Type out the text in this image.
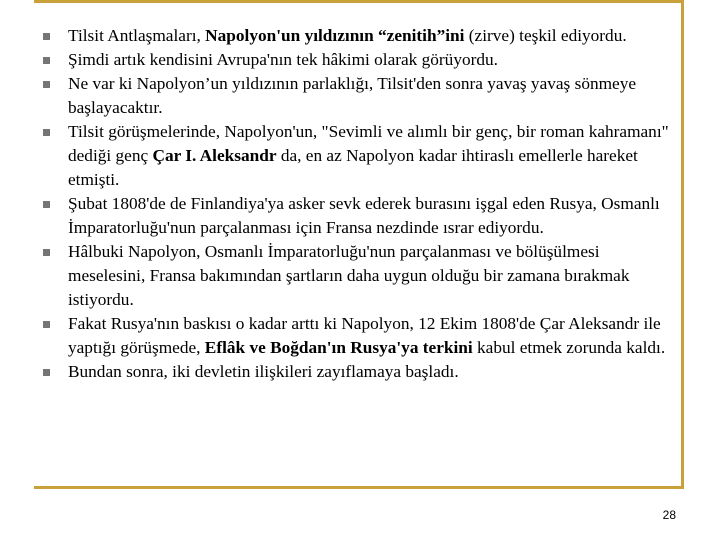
Tilsit Antlaşmaları, Napolyon'un yıldızının “zenitih”ini (zirve) teşkil ediyordu.
Şimdi artık kendisini Avrupa'nın tek hâkimi olarak görüyordu.
Ne var ki Napolyon’un yıldızının parlaklığı, Tilsit'den sonra yavaş yavaş sönmeye başlayacaktır.
Tilsit görüşmelerinde, Napolyon'un, "Sevimli ve alımlı bir genç, bir roman kahramanı" dediği genç Çar I. Aleksandr da, en az Napolyon kadar ihtiraslı emellerle hareket etmişti.
Şubat 1808'de de Finlandiya'ya asker sevk ederek burasını işgal eden Rusya, Osmanlı İmparatorluğu'nun parçalanması için Fransa nezdinde ısrar ediyordu.
Hâlbuki Napolyon, Osmanlı İmparatorluğu'nun parçalanması ve bölüşülmesi meselesini, Fransa bakımından şartların daha uygun olduğu bir zamana bırakmak istiyordu.
Fakat Rusya'nın baskısı o kadar arttı ki Napolyon, 12 Ekim 1808'de Çar Aleksandr ile yaptığı görüşmede, Eflâk ve Boğdan'ın Rusya'ya terkini kabul etmek zorunda kaldı.
Bundan sonra, iki devletin ilişkileri zayıflamaya başladı.
28
